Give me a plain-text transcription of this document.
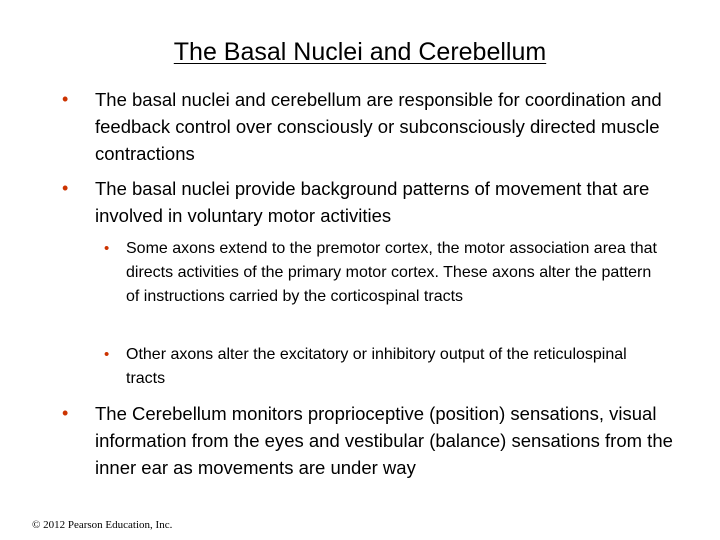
The Basal Nuclei and Cerebellum
• The basal nuclei and cerebellum are responsible for coordination and feedback control over consciously or subconsciously directed muscle contractions
• The basal nuclei provide background patterns of movement that are involved in voluntary motor activities
• Some axons extend to the premotor cortex, the motor association area that directs activities of the primary motor cortex. These axons alter the pattern of instructions carried by the corticospinal tracts
• Other axons alter the excitatory or inhibitory output of the reticulospinal tracts
• The Cerebellum monitors proprioceptive (position) sensations, visual information from the eyes and vestibular (balance) sensations from the inner ear as movements are under way
© 2012 Pearson Education, Inc.
